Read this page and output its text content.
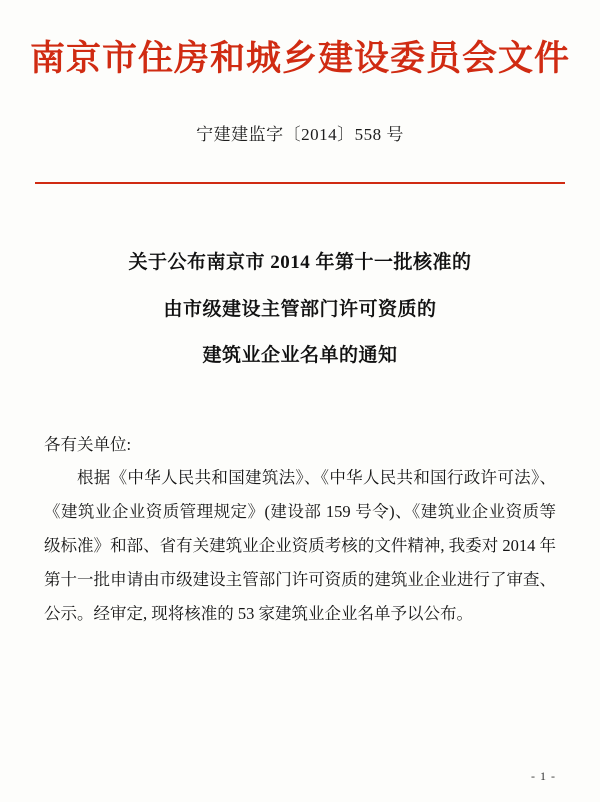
南京市住房和城乡建设委员会文件
宁建建监字〔2014〕558 号
关于公布南京市 2014 年第十一批核准的
由市级建设主管部门许可资质的
建筑业企业名单的通知

各有关单位:

根据《中华人民共和国建筑法》、《中华人民共和国行政许可法》、《建筑业企业资质管理规定》(建设部 159 号令)、《建筑业企业资质等级标准》和部、省有关建筑业企业资质考核的文件精神, 我委对 2014 年第十一批申请由市级建设主管部门许可资质的建筑业企业进行了审查、公示。经审定, 现将核准的 53 家建筑业企业名单予以公布。

- 1 -
